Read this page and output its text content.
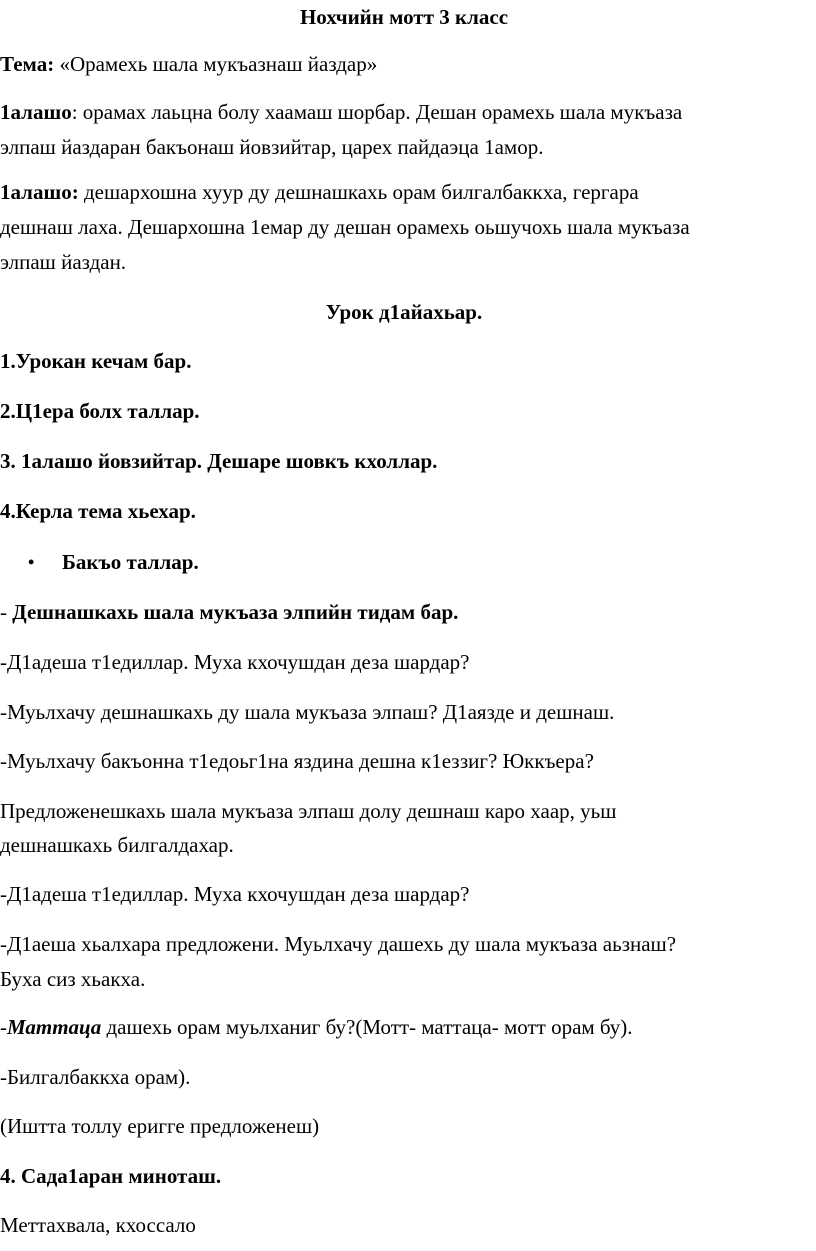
Нохчийн мотт 3 класс

Тема: «Орамехь шала мукъазнаш йаздар»

1алашо: орамах лаьцна болу хаамаш шорбар. Дешан орамехь шала мукъаза

элпаш йаздаран бакъонаш йовзийтар, царех пайдаэца 1амор.

1алашо: дешархошна хуур ду дешнашкахь орам билгалбаккха, гергара

дешнаш лаха. Дешархошна 1емар ду дешан орамехь оьшучохь шала мукъаза

элпаш йаздан.

Урок д1айахьар.

1.Урокан кечам бар.

2.Ц1ера болх таллар.

3. 1алашо йовзийтар. Дешаре шовкъ кхоллар.

4.Керла тема хьехар.

• Бакъо таллар.

- Дешнашкахь шала мукъаза элпийн тидам бар.

-Д1адеша т1едиллар. Муха кхочушдан деза шардар?

-Муьлхачу дешнашкахь ду шала мукъаза элпаш? Д1аязде и дешнаш.

-Муьлхачу бакъонна т1едоьг1на яздина дешна к1еззиг? Юккъера?

Предложенешкахь шала мукъаза элпаш долу дешнаш каро хаар, уьш

дешнашкахь билгалдахар.

-Д1адеша т1едиллар. Муха кхочушдан деза шардар?

-Д1аеша хьалхара предложени. Муьлхачу дашехь ду шала мукъаза аьзнаш?

Буха сиз хьакха.

-Маттаца дашехь орам муьлханиг бу?(Мотт- маттаца- мотт орам бу).

-Билгалбаккха орам).

(Иштта толлу еригге предложенеш)

4. Сада1аран миноташ.

Меттахвала, кхоссало
